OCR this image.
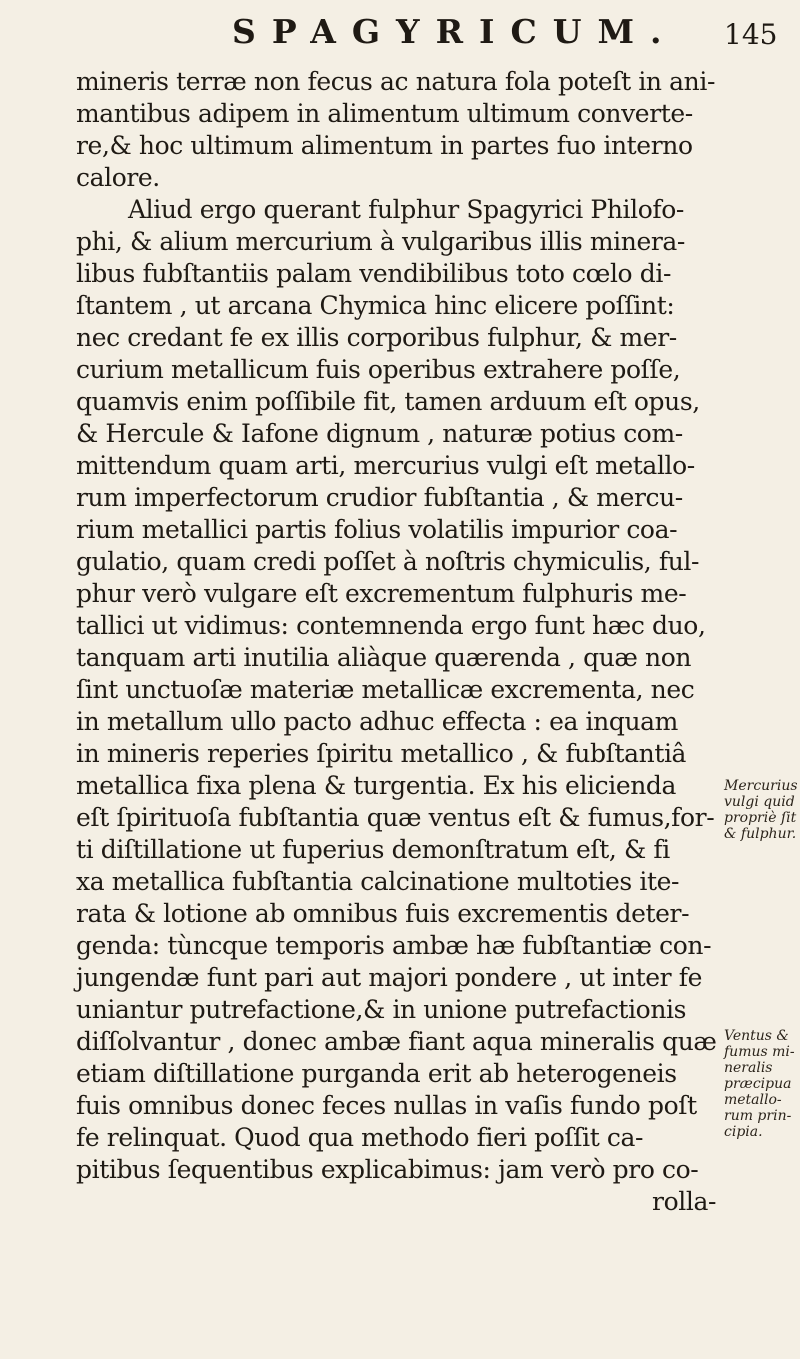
SPAGYRICUM. 145
mineris terræ non fecus ac natura fola poteſt in ani-
mantibus adipem in alimentum ultimum converte-
re,& hoc ultimum alimentum in partes fuo interno
calore.
Aliud ergo querant fulphur Spagyrici Philofo-
phi, & alium mercurium à vulgaribus illis minera-
libus fubſtantiis palam vendibilibus toto cœlo di-
ſtantem , ut arcana Chymica hinc elicere poſſint:
nec credant fe ex illis corporibus fulphur, & mer-
curium metallicum fuis operibus extrahere poſſe,
quamvis enim poſſibile fit, tamen arduum eſt opus,
& Hercule & Iafone dignum , naturæ potius com-
mittendum quam arti, mercurius vulgi eſt metallo-
rum imperfectorum crudior fubſtantia , & mercu-
rium metallici partis folius volatilis impurior coa-
gulatio, quam credi poſſet à noſtris chymiculis, ful-
phur verò vulgare eſt excrementum fulphuris me-
tallici ut vidimus: contemnenda ergo funt hæc duo,
tanquam arti inutilia aliàque quærenda , quæ non
ſint unctuoſæ materiæ metallicæ excrementa, nec
in metallum ullo pacto adhuc effecta : ea inquam
in mineris reperies ſpiritu metallico , & fubſtantiâ
metallica fixa plena & turgentia. Ex his elicienda
eſt ſpirituoſa fubſtantia quæ ventus eſt & fumus,for-
ti diſtillatione ut fuperius demonſtratum eſt, & fi
xa metallica fubſtantia calcinatione multoties ite-
rata & lotione ab omnibus fuis excrementis deter-
genda: tùncque temporis ambæ hæ fubſtantiæ con-
jungendæ funt pari aut majori pondere , ut inter fe
uniantur putrefactione,& in unione putrefactionis
diſſolvantur , donec ambæ fiant aqua mineralis quæ
etiam diſtillatione purganda erit ab heterogeneis
fuis omnibus donec feces nullas in vaſis fundo poſt
fe relinquat. Quod qua methodo fieri poſſit ca-
pitibus ſequentibus explicabimus: jam verò pro co-
rolla-
Mercurius
vulgi quid
propriè ſit
& fulphur.
Ventus &
fumus mi-
neralis
præcipua
metallo-
rum prin-
cipia.
